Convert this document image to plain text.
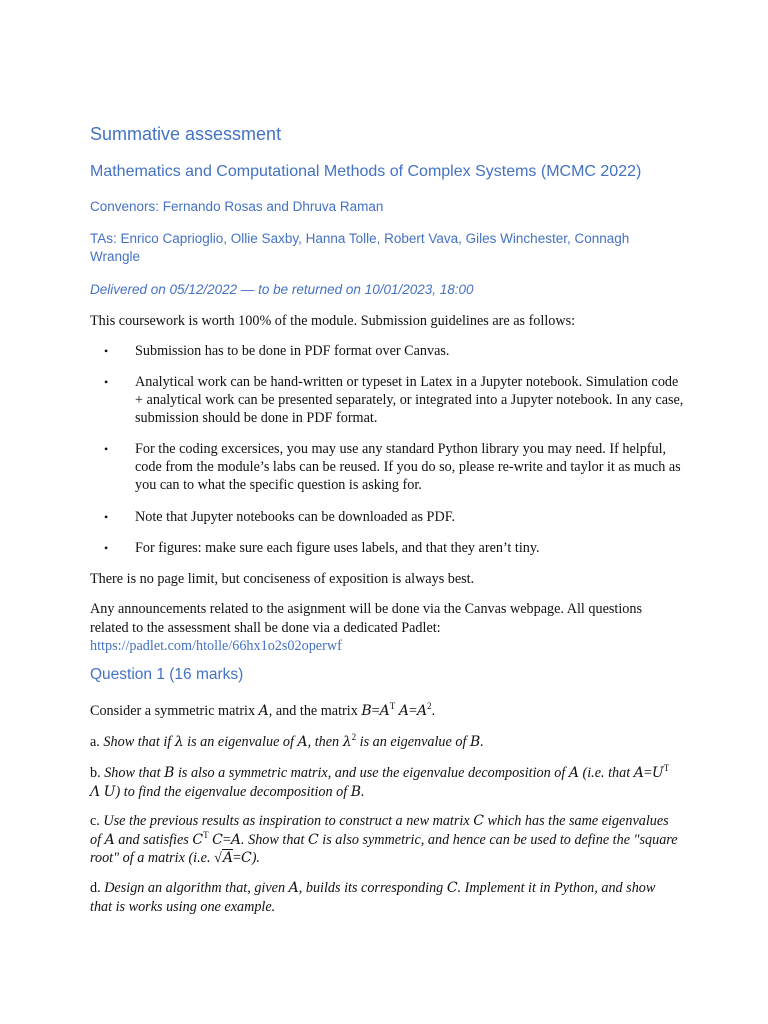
Summative assessment
Mathematics and Computational Methods of Complex Systems (MCMC 2022)
Convenors: Fernando Rosas and Dhruva Raman
TAs: Enrico Caprioglio, Ollie Saxby, Hanna Tolle, Robert Vava, Giles Winchester, Connagh Wrangle
Delivered on 05/12/2022 — to be returned on 10/01/2023, 18:00
This coursework is worth 100% of the module. Submission guidelines are as follows:
• Submission has to be done in PDF format over Canvas.
• Analytical work can be hand-written or typeset in Latex in a Jupyter notebook. Simulation code + analytical work can be presented separately, or integrated into a Jupyter notebook. In any case, submission should be done in PDF format.
• For the coding excersices, you may use any standard Python library you may need. If helpful, code from the module’s labs can be reused. If you do so, please re-write and taylor it as much as you can to what the specific question is asking for.
• Note that Jupyter notebooks can be downloaded as PDF.
• For figures: make sure each figure uses labels, and that they aren’t tiny.
There is no page limit, but conciseness of exposition is always best.
Any announcements related to the asignment will be done via the Canvas webpage. All questions related to the assessment shall be done via a dedicated Padlet: https://padlet.com/htolle/66hx1o2s02operwf
Question 1 (16 marks)
Consider a symmetric matrix A, and the matrix $B=A^T$ $A=A^2$.
a. Show that if λ is an eigenvalue of A, then $\lambda^2$ is an eigenvalue of B.
b. Show that B is also a symmetric matrix, and use the eigenvalue decomposition of A (i.e. that $A=U^T$ Λ U) to find the eigenvalue decomposition of B.
c. Use the previous results as inspiration to construct a new matrix C which has the same eigenvalues of A and satisfies $C^T$ C=A. Show that C is also symmetric, and hence can be used to define the "square root" of a matrix (i.e. √A=C).
d. Design an algorithm that, given A, builds its corresponding C. Implement it in Python, and show that is works using one example.
